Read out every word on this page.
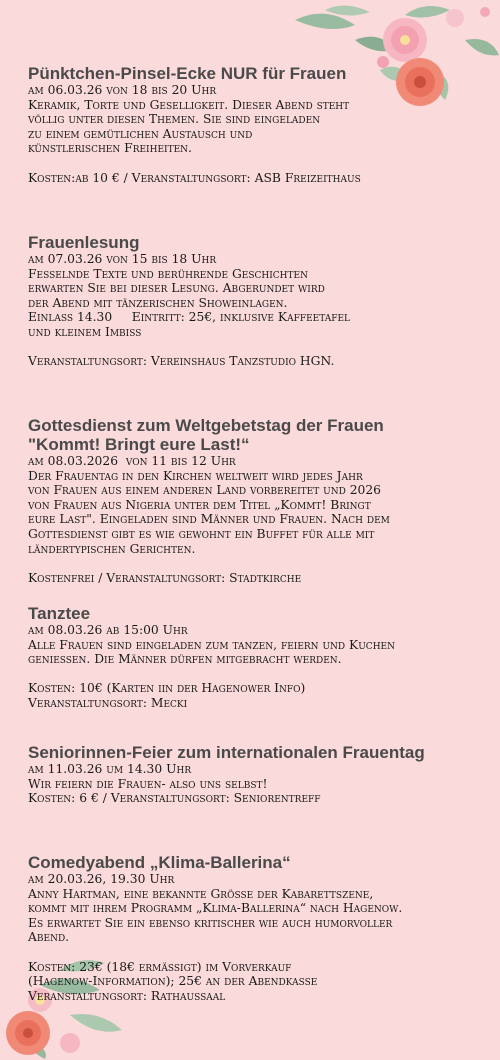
Pünktchen-Pinsel-Ecke NUR für Frauen
am 06.03.26 von 18 bis 20 Uhr
Keramik, Torte und Geselligkeit. Dieser Abend steht
völlig unter diesen Themen. Sie sind eingeladen
zu einem gemütlichen Austausch und
künstlerischen Freiheiten.
Kosten:ab 10 € / Veranstaltungsort: ASB Freizeithaus
Frauenlesung
am 07.03.26 von 15 bis 18 Uhr
Fesselnde Texte und berührende Geschichten
erwarten Sie bei dieser Lesung. Abgerundet wird
der Abend mit tänzerischen Showeinlagen.
Einlass 14.30     Eintritt: 25€, inklusive Kaffeetafel
und kleinem Imbiss
Veranstaltungsort: Vereinshaus Tanzstudio HGN.
Gottesdienst zum Weltgebetstag der Frauen
"Kommt! Bringt eure Last!“
am 08.03.2026  von 11 bis 12 Uhr
Der Frauentag in den Kirchen weltweit wird jedes Jahr
von Frauen aus einem anderen Land vorbereitet und 2026
von Frauen aus Nigeria unter dem Titel „Kommt! Bringt
eure Last". Eingeladen sind Männer und Frauen. Nach dem
Gottesdienst gibt es wie gewohnt ein Buffet für alle mit
ländertypischen Gerichten.
Kostenfrei / Veranstaltungsort: Stadtkirche
Tanztee
am 08.03.26 ab 15:00 Uhr
Alle Frauen sind eingeladen zum tanzen, feiern und Kuchen
geniessen. Die Männer dürfen mitgebracht werden.
Kosten: 10€ (Karten iin der Hagenower Info)
Veranstaltungsort: Mecki
Seniorinnen-Feier zum internationalen Frauentag
am 11.03.26 um 14.30 Uhr
Wir feiern die Frauen- also uns selbst!
Kosten: 6 € / Veranstaltungsort: Seniorentreff
Comedyabend „Klima-Ballerina“
am 20.03.26, 19.30 Uhr
Anny Hartman, eine bekannte Grösse der Kabarettszene,
kommt mit ihrem Programm „Klima-Ballerina“ nach Hagenow.
Es erwartet Sie ein ebenso kritischer wie auch humorvoller
Abend.
Kosten: 23€ (18€ ermässigt) im Vorverkauf
(Hagenow-Information); 25€ an der Abendkasse
Veranstaltungsort: Rathaussaal
